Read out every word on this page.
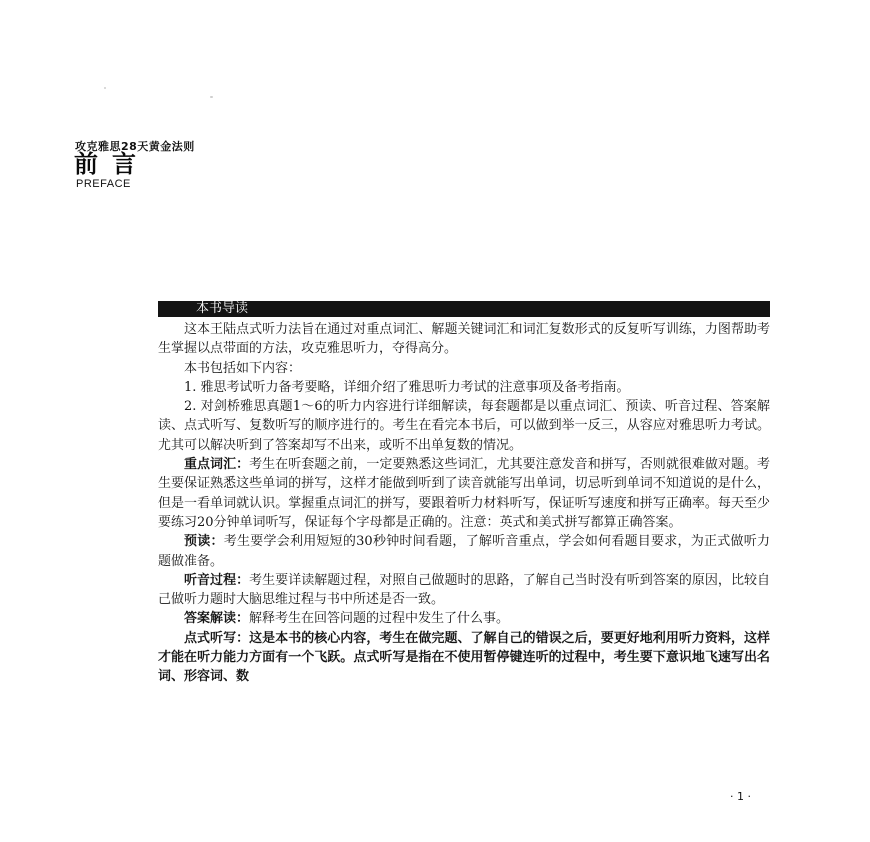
攻克雅思28天黄金法则
前言
PREFACE
本书导读

这本王陆点式听力法旨在通过对重点词汇、解题关键词汇和词汇复数形式的反复听写训练，力图帮助考生掌握以点带面的方法，攻克雅思听力，夺得高分。

本书包括如下内容：

1. 雅思考试听力备考要略，详细介绍了雅思听力考试的注意事项及备考指南。

2. 对剑桥雅思真题1～6的听力内容进行详细解读，每套题都是以重点词汇、预读、听音过程、答案解读、点式听写、复数听写的顺序进行的。考生在看完本书后，可以做到举一反三，从容应对雅思听力考试。尤其可以解决听到了答案却写不出来，或听不出单复数的情况。

重点词汇：考生在听套题之前，一定要熟悉这些词汇，尤其要注意发音和拼写，否则就很难做对题。考生要保证熟悉这些单词的拼写，这样才能做到听到了读音就能写出单词，切忌听到单词不知道说的是什么，但是一看单词就认识。掌握重点词汇的拼写，要跟着听力材料听写，保证听写速度和拼写正确率。每天至少要练习20分钟单词听写，保证每个字母都是正确的。注意：英式和美式拼写都算正确答案。

预读：考生要学会利用短短的30秒钟时间看题，了解听音重点，学会如何看题目要求，为正式做听力题做准备。

听音过程：考生要详读解题过程，对照自己做题时的思路，了解自己当时没有听到答案的原因，比较自己做听力题时大脑思维过程与书中所述是否一致。

答案解读：解释考生在回答问题的过程中发生了什么事。

点式听写：这是本书的核心内容，考生在做完题、了解自己的错误之后，要更好地利用听力资料，这样才能在听力能力方面有一个飞跃。点式听写是指在不使用暂停键连听的过程中，考生要下意识地飞速写出名词、形容词、数

· 1 ·
